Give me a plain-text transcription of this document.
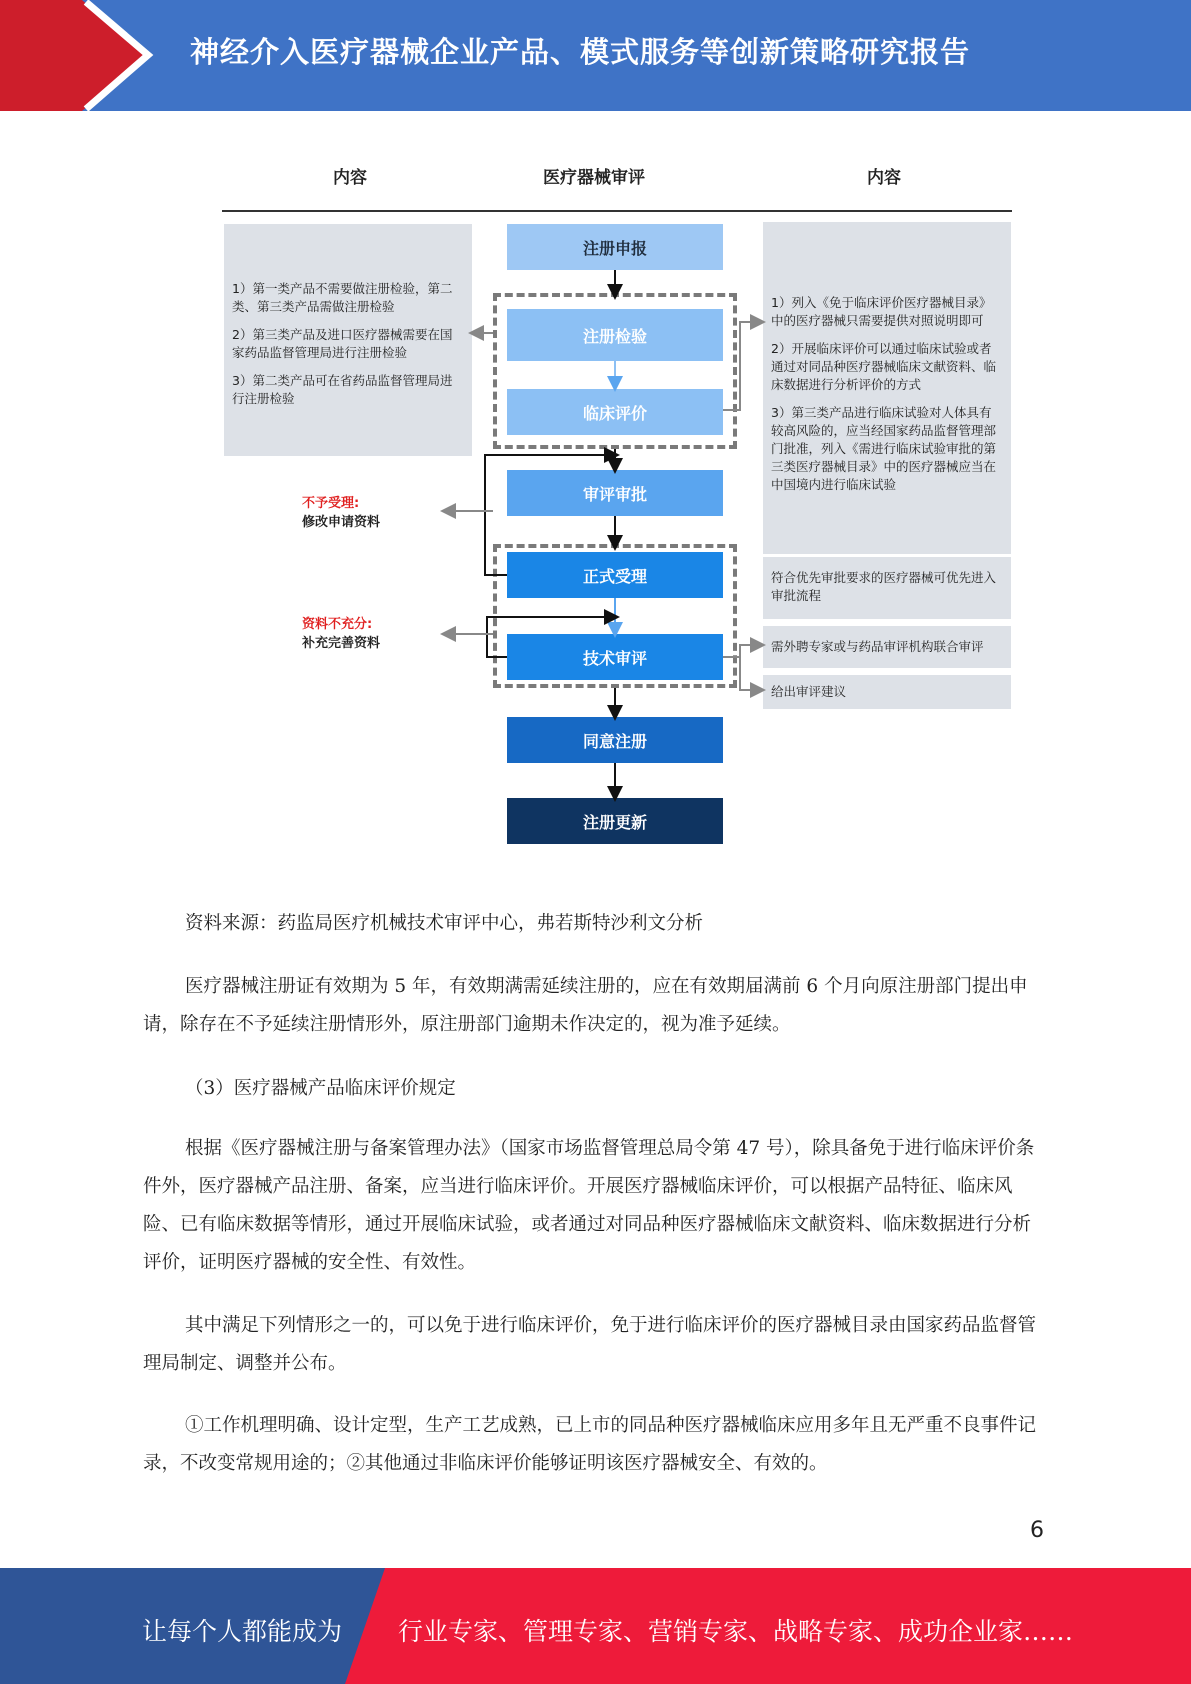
神经介入医疗器械企业产品、模式服务等创新策略研究报告
内容	医疗器械审评	内容

1）第一类产品不需要做注册检验，第二类、第三类产品需做注册检验

2）第三类产品及进口医疗器械需要在国家药品监督管理局进行注册检验

3）第二类产品可在省药品监督管理局进行注册检验

1）列入《免于临床评价医疗器械目录》中的医疗器械只需要提供对照说明即可

2）开展临床评价可以通过临床试验或者通过对同品种医疗器械临床文献资料、临床数据进行分析评价的方式

3）第三类产品进行临床试验对人体具有较高风险的，应当经国家药品监督管理部门批准，列入《需进行临床试验审批的第三类医疗器械目录》中的医疗器械应当在中国境内进行临床试验

符合优先审批要求的医疗器械可优先进入审批流程
需外聘专家或与药品审评机构联合审评
给出审评建议
注册申报
注册检验
临床评价
审评审批
正式受理
技术审评
同意注册
注册更新
不予受理:
修改申请资料
资料不充分:
补充完善资料
资料来源：药监局医疗机械技术审评中心，弗若斯特沙利文分析
医疗器械注册证有效期为 5 年，有效期满需延续注册的，应在有效期届满前 6 个月向原注册部门提出申请，除存在不予延续注册情形外，原注册部门逾期未作决定的，视为准予延续。
（3）医疗器械产品临床评价规定
根据《医疗器械注册与备案管理办法》（国家市场监督管理总局令第 47 号），除具备免于进行临床评价条件外，医疗器械产品注册、备案，应当进行临床评价。开展医疗器械临床评价，可以根据产品特征、临床风险、已有临床数据等情形，通过开展临床试验，或者通过对同品种医疗器械临床文献资料、临床数据进行分析评价，证明医疗器械的安全性、有效性。
其中满足下列情形之一的，可以免于进行临床评价，免于进行临床评价的医疗器械目录由国家药品监督管理局制定、调整并公布。
①工作机理明确、设计定型，生产工艺成熟，已上市的同品种医疗器械临床应用多年且无严重不良事件记录，不改变常规用途的；②其他通过非临床评价能够证明该医疗器械安全、有效的。
6
让每个人都能成为 行业专家、管理专家、营销专家、战略专家、成功企业家……
